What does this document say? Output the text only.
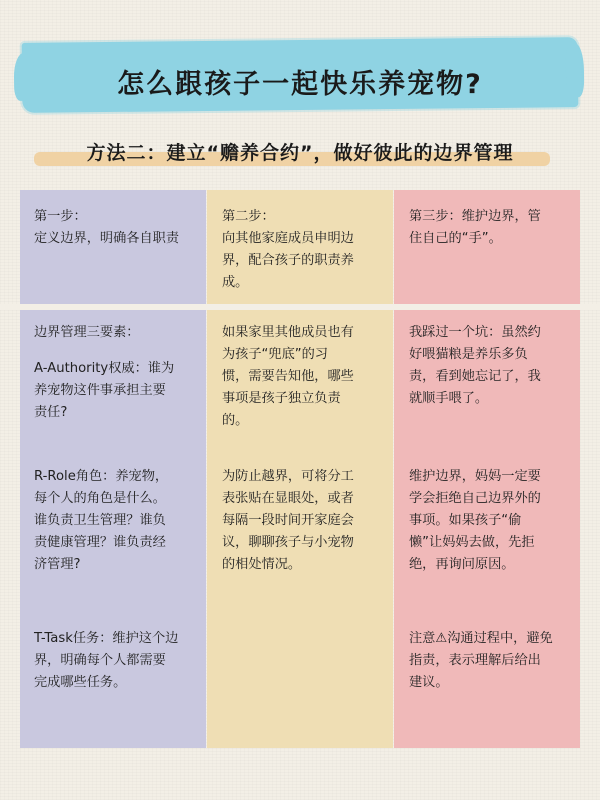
怎么跟孩子一起快乐养宠物?
方法二：建立“赡养合约”，做好彼此的边界管理
第一步：
定义边界，明确各自职责
边界管理三要素：
A-Authority权威：谁为
养宠物这件事承担主要
责任?
R-Role角色：养宠物，
每个人的角色是什么。
谁负责卫生管理？谁负
责健康管理？谁负责经
济管理?
T-Task任务：维护这个边
界，明确每个人都需要
完成哪些任务。
第二步：
向其他家庭成员申明边
界，配合孩子的职责养
成。
如果家里其他成员也有
为孩子“兜底”的习
惯，需要告知他，哪些
事项是孩子独立负责
的。
为防止越界，可将分工
表张贴在显眼处，或者
每隔一段时间开家庭会
议，聊聊孩子与小宠物
的相处情况。
第三步：维护边界，管
住自己的“手”。
我踩过一个坑：虽然约
好喂猫粮是养乐多负
责，看到她忘记了，我
就顺手喂了。
维护边界，妈妈一定要
学会拒绝自己边界外的
事项。如果孩子“偷
懒”让妈妈去做，先拒
绝，再询问原因。
注意⚠沟通过程中，避免
指责，表示理解后给出
建议。
